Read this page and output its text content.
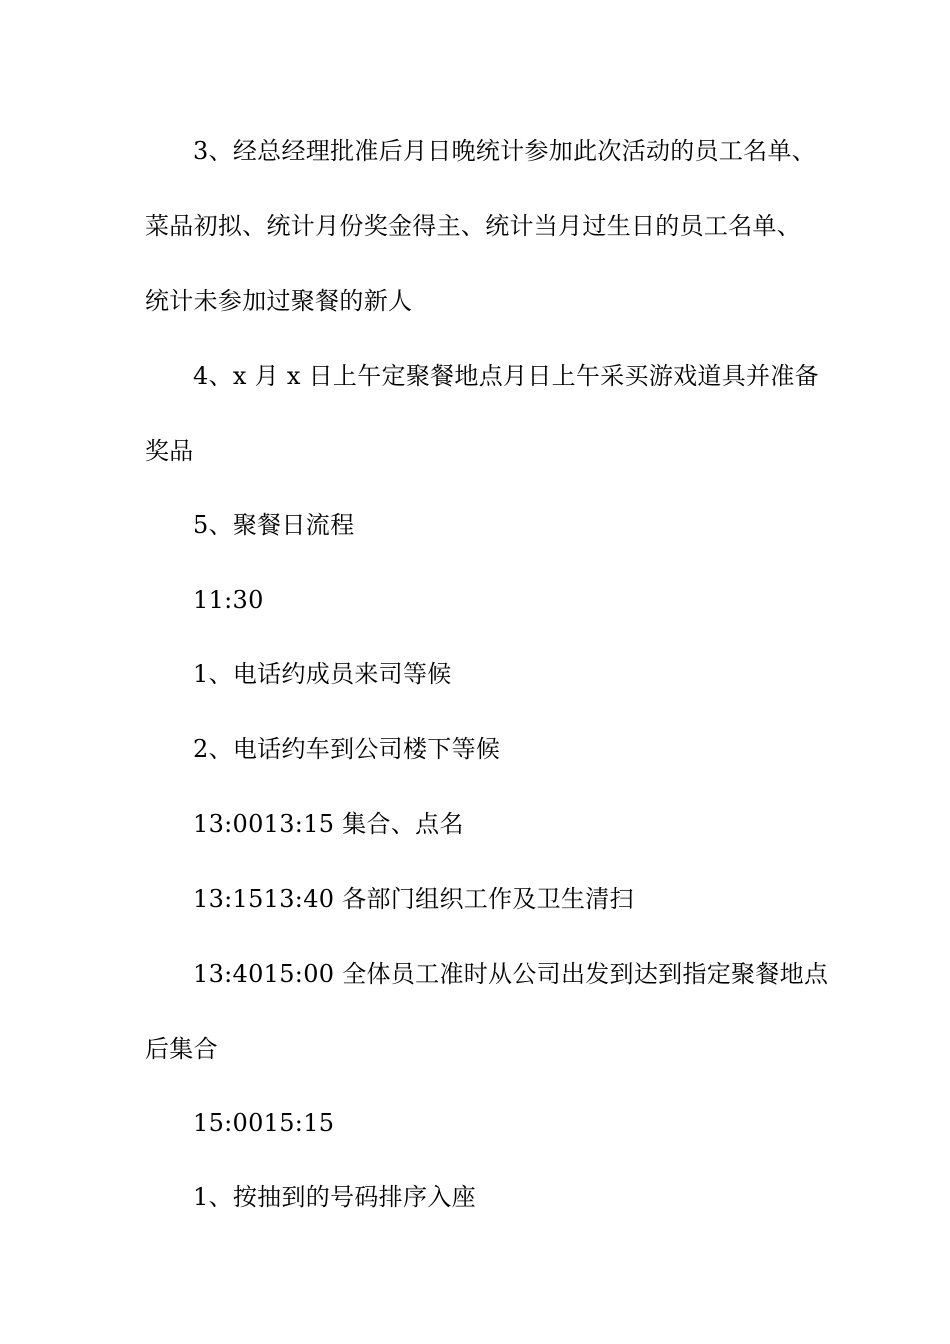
3、经总经理批准后月日晚统计参加此次活动的员工名单、
菜品初拟、统计月份奖金得主、统计当月过生日的员工名单、
统计未参加过聚餐的新人
4、x 月 x 日上午定聚餐地点月日上午采买游戏道具并准备
奖品
5、聚餐日流程
11:30
1、电话约成员来司等候
2、电话约车到公司楼下等候
13:0013:15 集合、点名
13:1513:40 各部门组织工作及卫生清扫
13:4015:00 全体员工准时从公司出发到达到指定聚餐地点
后集合
15:0015:15
1、按抽到的号码排序入座
